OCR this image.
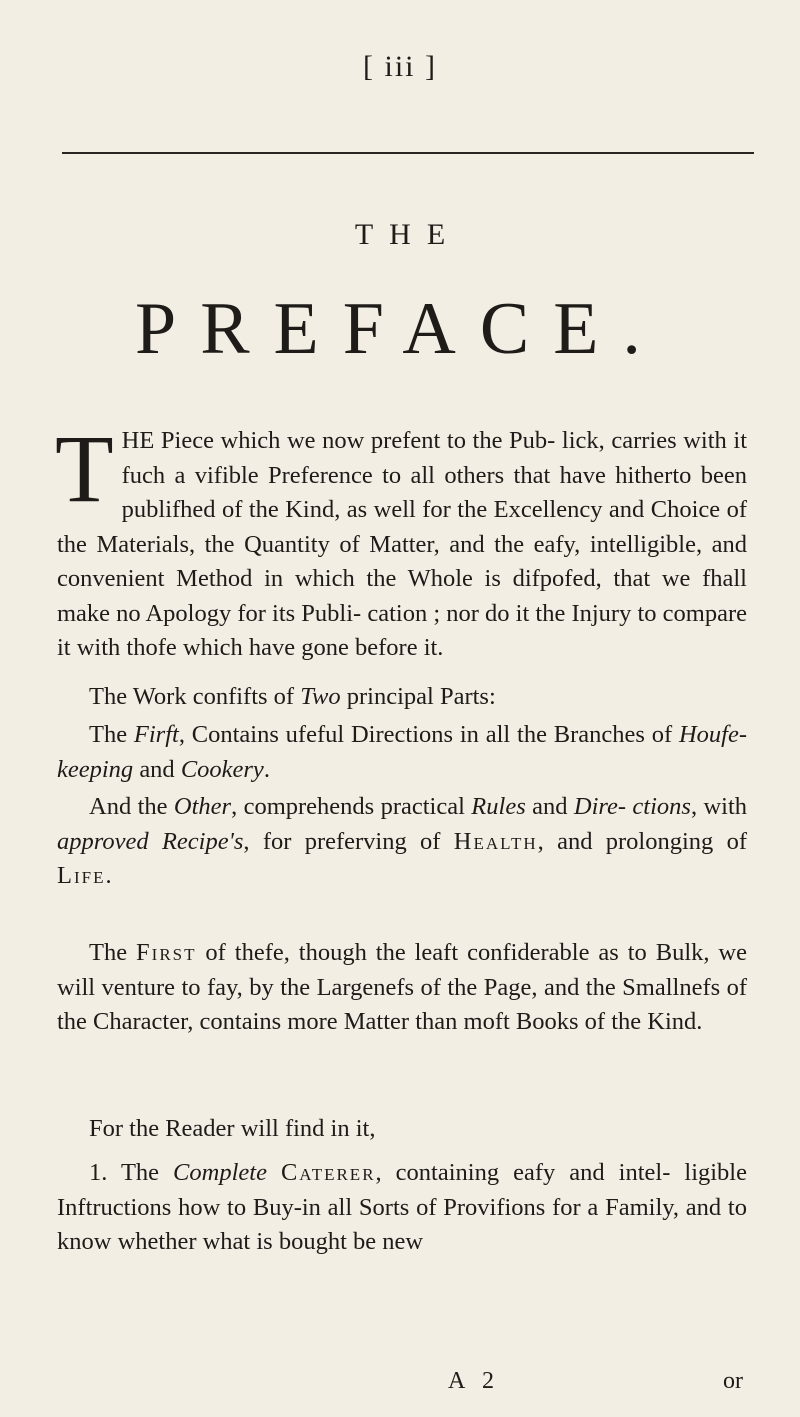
[ iii ]
THE
PREFACE.

THE Piece which we now prefent to the Pub- lick, carries with it fuch a vifible Preference to all others that have hitherto been publifhed of the Kind, as well for the Excellency and Choice of the Materials, the Quantity of Matter, and the eafy, intelligible, and convenient Method in which the Whole is difpofed, that we fhall make no Apology for its Publi- cation ; nor do it the Injury to compare it with thofe which have gone before it.

The Work confifts of Two principal Parts:

The Firft, Contains ufeful Directions in all the Branches of Houfe-keeping and Cookery.

And the Other, comprehends practical Rules and Dire- ctions, with approved Recipe's, for preferving of Health, and prolonging of Life.

The First of thefe, though the leaft confiderable as to Bulk, we will venture to fay, by the Largenefs of the Page, and the Smallnefs of the Character, contains more Matter than moft Books of the Kind.

For the Reader will find in it,

1. The Complete Caterer, containing eafy and intel- ligible Inftructions how to Buy-in all Sorts of Provifions for a Family, and to know whether what is bought be new

A 2	or
